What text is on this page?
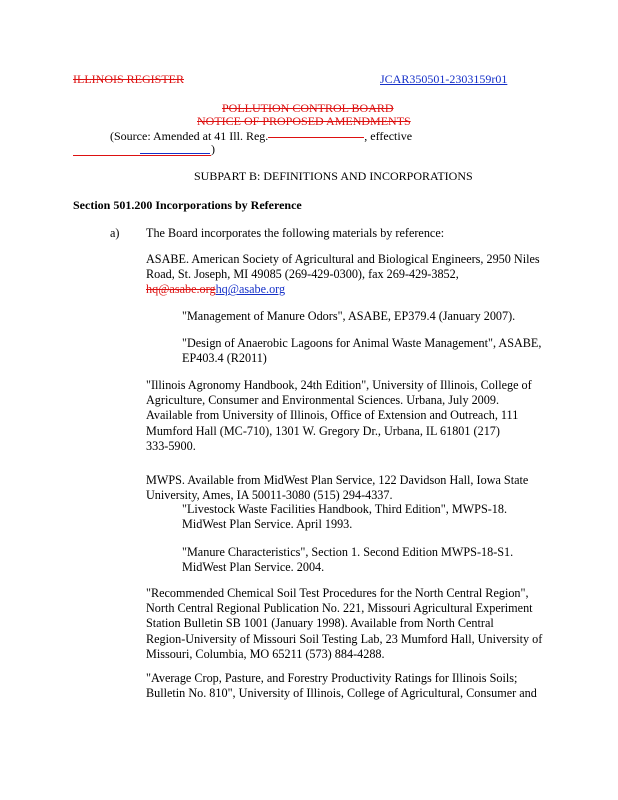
ILLINOIS REGISTER	JCAR350501-2303159r01
POLLUTION CONTROL BOARD
NOTICE OF PROPOSED AMENDMENTS
(Source: Amended at 41 Ill. Reg.	, effective
)
SUBPART B: DEFINITIONS AND INCORPORATIONS
Section 501.200 Incorporations by Reference
a) The Board incorporates the following materials by reference:
ASABE. American Society of Agricultural and Biological Engineers, 2950 Niles
Road, St. Joseph, MI 49085 (269-429-0300), fax 269-429-3852,
hq@asabe.orghq@asabe.org
"Management of Manure Odors", ASABE, EP379.4 (January 2007).
"Design of Anaerobic Lagoons for Animal Waste Management", ASABE,
EP403.4 (R2011)
"Illinois Agronomy Handbook, 24th Edition", University of Illinois, College of
Agriculture, Consumer and Environmental Sciences. Urbana, July 2009.
Available from University of Illinois, Office of Extension and Outreach, 111
Mumford Hall (MC-710), 1301 W. Gregory Dr., Urbana, IL 61801 (217)
333-5900.
MWPS. Available from MidWest Plan Service, 122 Davidson Hall, Iowa State
University, Ames, IA 50011-3080 (515) 294-4337.
"Livestock Waste Facilities Handbook, Third Edition", MWPS-18.
MidWest Plan Service. April 1993.
"Manure Characteristics", Section 1. Second Edition MWPS-18-S1.
MidWest Plan Service. 2004.
"Recommended Chemical Soil Test Procedures for the North Central Region",
North Central Regional Publication No. 221, Missouri Agricultural Experiment
Station Bulletin SB 1001 (January 1998). Available from North Central
Region-University of Missouri Soil Testing Lab, 23 Mumford Hall, University of
Missouri, Columbia, MO 65211 (573) 884-4288.
"Average Crop, Pasture, and Forestry Productivity Ratings for Illinois Soils;
Bulletin No. 810", University of Illinois, College of Agricultural, Consumer and
